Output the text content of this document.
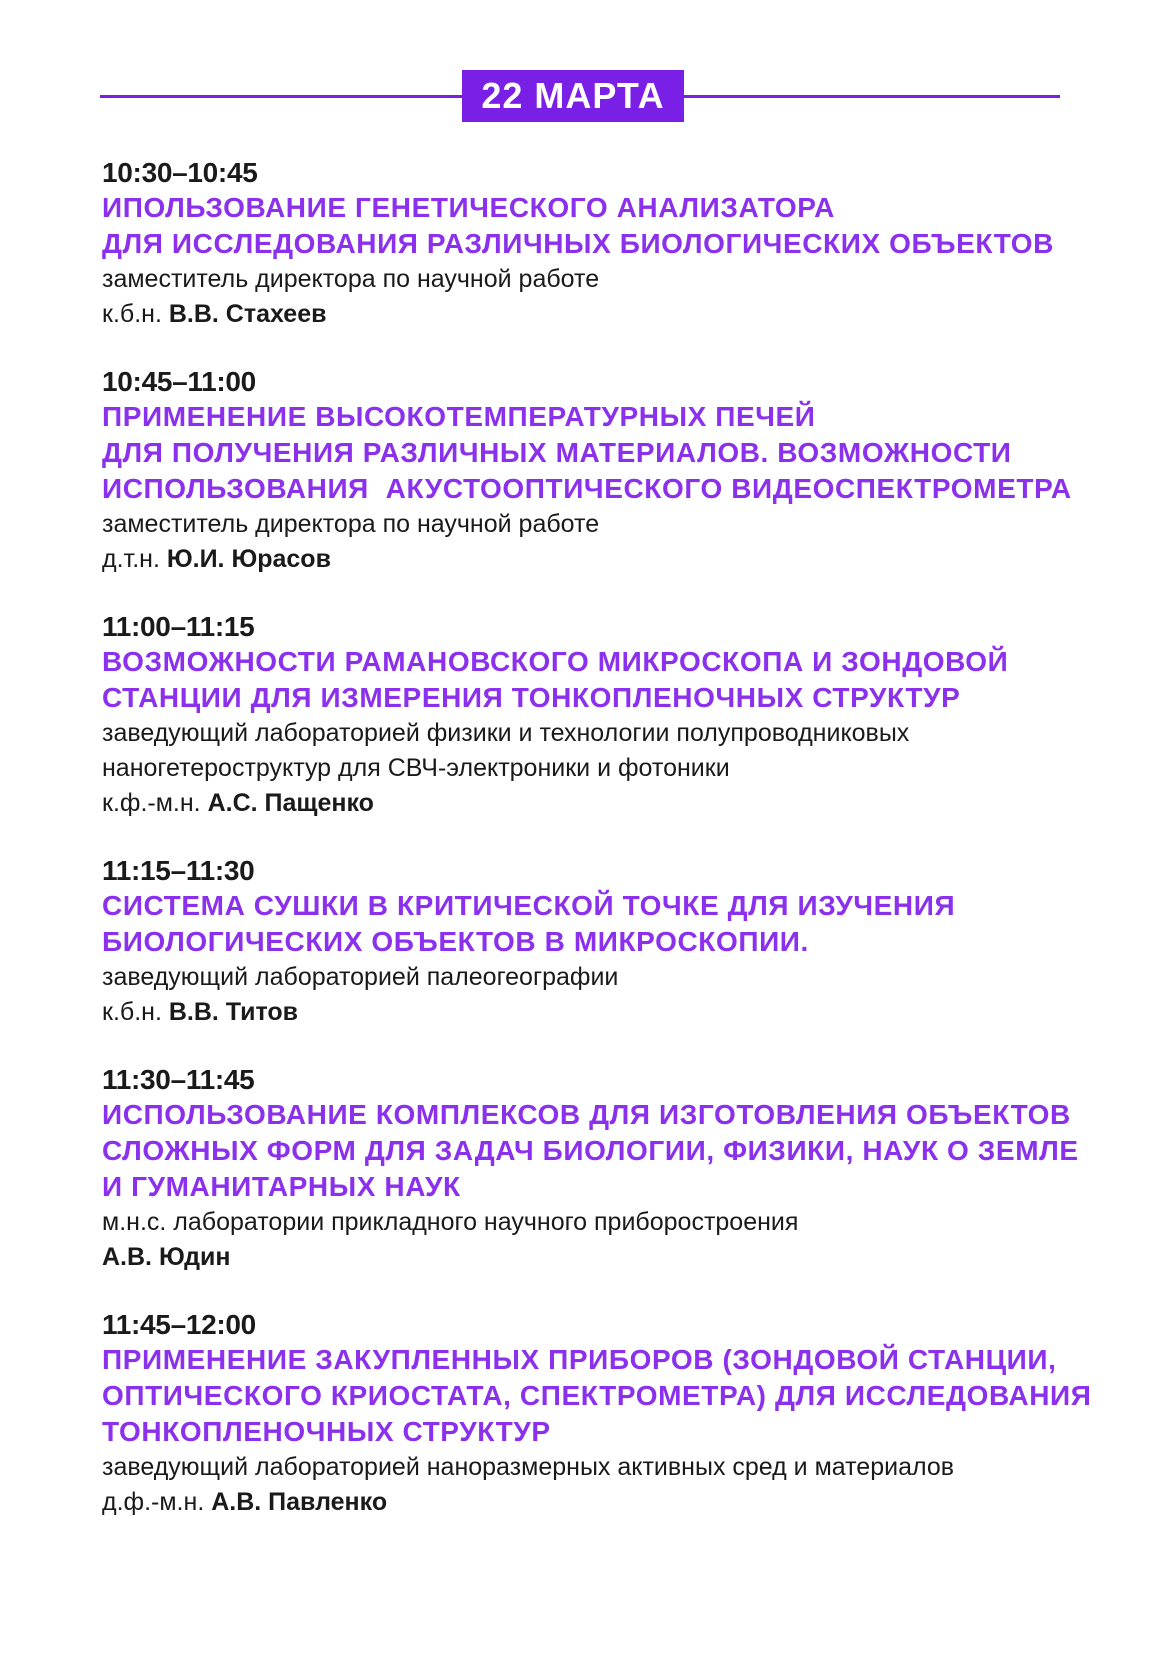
22 МАРТА
10:30–10:45
ИПОЛЬЗОВАНИЕ ГЕНЕТИЧЕСКОГО АНАЛИЗАТОРА
ДЛЯ ИССЛЕДОВАНИЯ РАЗЛИЧНЫХ БИОЛОГИЧЕСКИХ ОБЪЕКТОВ
заместитель директора по научной работе
к.б.н. В.В. Стахеев
10:45–11:00
ПРИМЕНЕНИЕ ВЫСОКОТЕМПЕРАТУРНЫХ ПЕЧЕЙ
ДЛЯ ПОЛУЧЕНИЯ РАЗЛИЧНЫХ МАТЕРИАЛОВ. ВОЗМОЖНОСТИ
ИСПОЛЬЗОВАНИЯ  АКУСТООПТИЧЕСКОГО ВИДЕОСПЕКТРОМЕТРА
заместитель директора по научной работе
д.т.н. Ю.И. Юрасов
11:00–11:15
ВОЗМОЖНОСТИ РАМАНОВСКОГО МИКРОСКОПА И ЗОНДОВОЙ
СТАНЦИИ ДЛЯ ИЗМЕРЕНИЯ ТОНКОПЛЕНОЧНЫХ СТРУКТУР
заведующий лабораторией физики и технологии полупроводниковых
наногетероструктур для СВЧ-электроники и фотоники
к.ф.-м.н. А.С. Пащенко
11:15–11:30
СИСТЕМА СУШКИ В КРИТИЧЕСКОЙ ТОЧКЕ ДЛЯ ИЗУЧЕНИЯ
БИОЛОГИЧЕСКИХ ОБЪЕКТОВ В МИКРОСКОПИИ.
заведующий лабораторией палеогеографии
к.б.н. В.В. Титов
11:30–11:45
ИСПОЛЬЗОВАНИЕ КОМПЛЕКСОВ ДЛЯ ИЗГОТОВЛЕНИЯ ОБЪЕКТОВ
СЛОЖНЫХ ФОРМ ДЛЯ ЗАДАЧ БИОЛОГИИ, ФИЗИКИ, НАУК О ЗЕМЛЕ
И ГУМАНИТАРНЫХ НАУК
м.н.с. лаборатории прикладного научного приборостроения
А.В. Юдин
11:45–12:00
ПРИМЕНЕНИЕ ЗАКУПЛЕННЫХ ПРИБОРОВ (ЗОНДОВОЙ СТАНЦИИ,
ОПТИЧЕСКОГО КРИОСТАТА, СПЕКТРОМЕТРА) ДЛЯ ИССЛЕДОВАНИЯ
ТОНКОПЛЕНОЧНЫХ СТРУКТУР
заведующий лабораторией наноразмерных активных сред и материалов
д.ф.-м.н. А.В. Павленко
